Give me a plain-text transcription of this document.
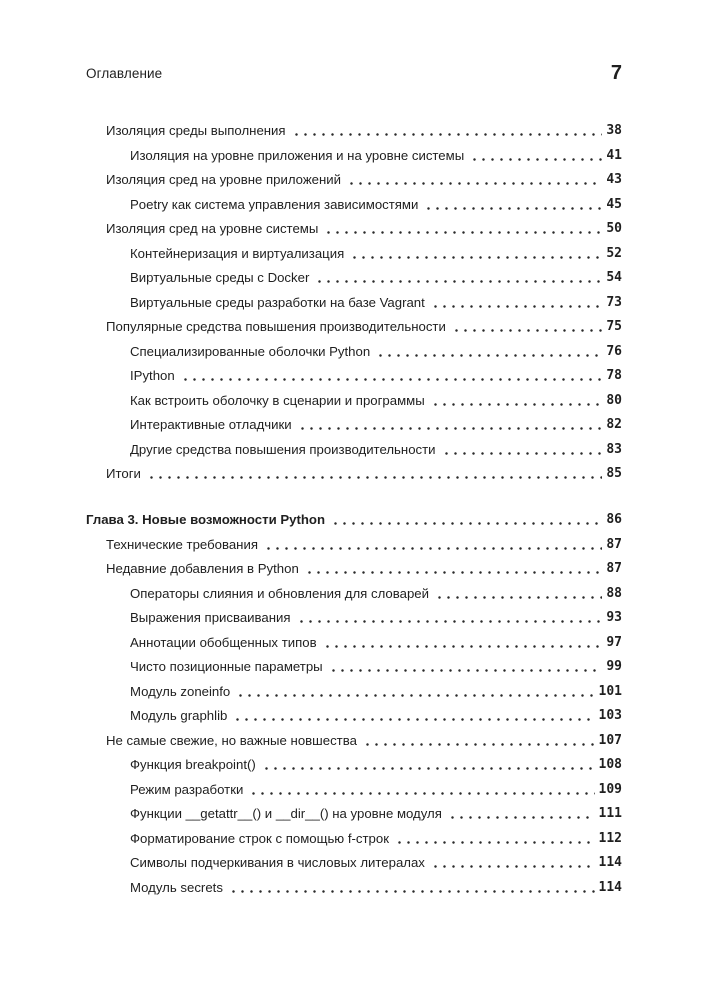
Оглавление	7
Изоляция среды выполнения	38
Изоляция на уровне приложения и на уровне системы	41
Изоляция сред на уровне приложений	43
Poetry как система управления зависимостями	45
Изоляция сред на уровне системы	50
Контейнеризация и виртуализация	52
Виртуальные среды с Docker	54
Виртуальные среды разработки на базе Vagrant	73
Популярные средства повышения производительности	75
Специализированные оболочки Python	76
IPython	78
Как встроить оболочку в сценарии и программы	80
Интерактивные отладчики	82
Другие средства повышения производительности	83
Итоги	85
Глава 3. Новые возможности Python	86
Технические требования	87
Недавние добавления в Python	87
Операторы слияния и обновления для словарей	88
Выражения присваивания	93
Аннотации обобщенных типов	97
Чисто позиционные параметры	99
Модуль zoneinfo	101
Модуль graphlib	103
Не самые свежие, но важные новшества	107
Функция breakpoint()	108
Режим разработки	109
Функции __getattr__() и __dir__() на уровне модуля	111
Форматирование строк с помощью f-строк	112
Символы подчеркивания в числовых литералах	114
Модуль secrets	114
